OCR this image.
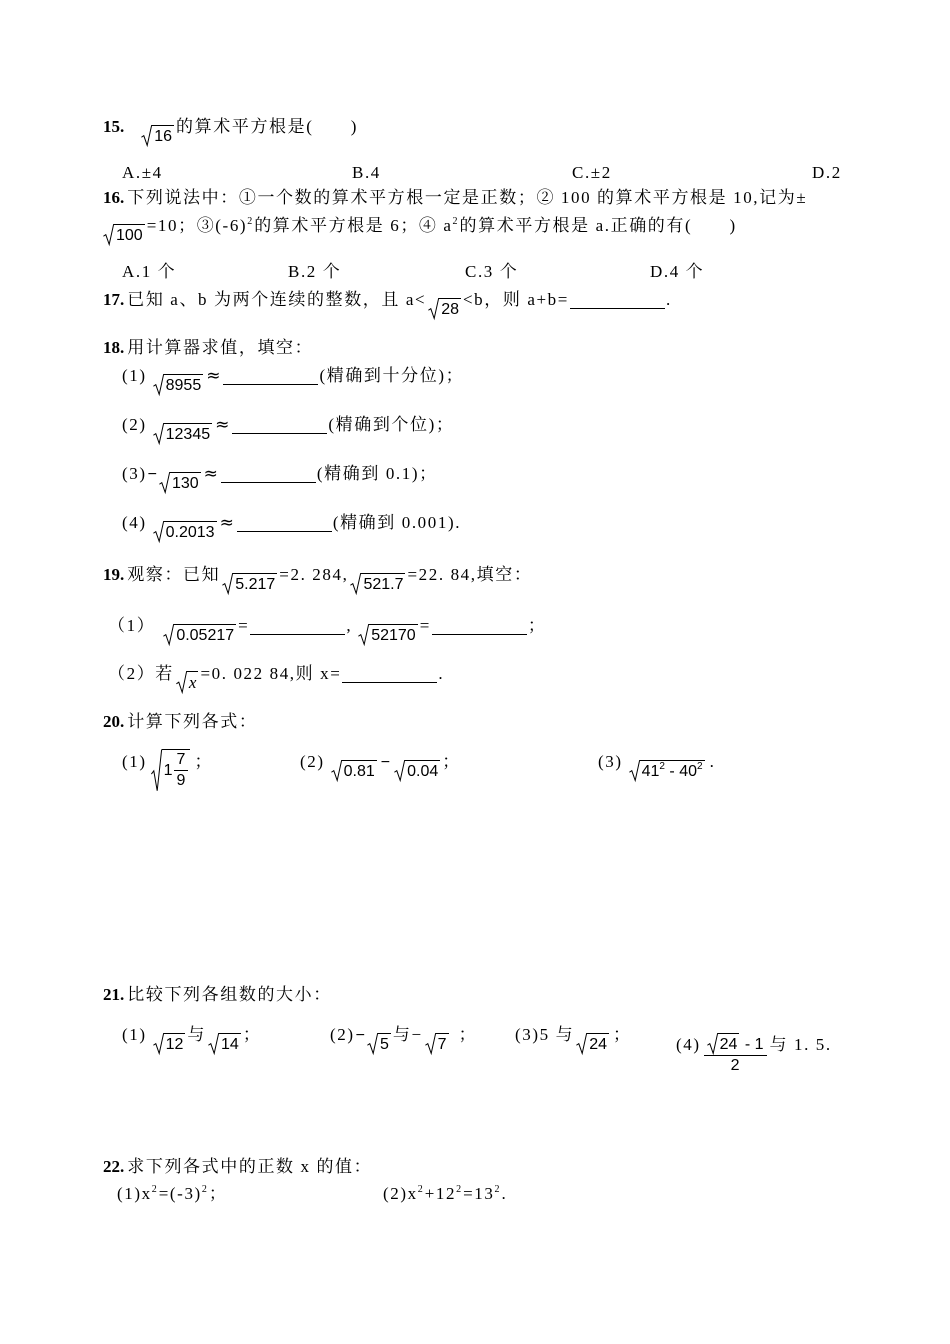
15.
16的算术平方根是(　　)
A.±4	B.4	C.±2	D.2
16. 下列说法中：①一个数的算术平方根一定是正数；② 100 的算术平方根是 10,记为±
100=10；$③(-6)^2$ 的算术平方根是 6；④ $a^2$ 的算术平方根是 a.正确的有(　　)
A.1 个	B.2 个	C.3 个	D.4 个
17. 已知 a、b 为两个连续的整数，且 a<
28<b，则 a+b=	.
18. 用计算器求值，填空：
(1)
8955 ≈	(精确到十分位)；
(2)
12345 ≈	(精确到个位)；
(3)−
130 ≈	(精确到 0.1)；
(4)
0.2013 ≈	(精确到 0.001).
19. 观察：已知
5.217=2. 284,
521.7=22. 84,填空：
（1）
0.05217=	,
52170=	；
（2）若 x =0. 022 84,则 x=	.
20. 计算下列各式：
(1) $1 \frac{7}{9}$ ；	(2)
0.81−
0.04；	(3)
$41^2 - 40^2$ .
21. 比较下列各组数的大小：
(1)
12与
14；	(2)−
5与−
7； (3)5 与
24；
$(4) \frac{24 - 1}{2}$ 与 1. 5.
22. 求下列各式中的正数 x 的值：
$(1)x^2 =(-3)^2$ ；	$(2)x^2 +12^2 =13^2$ .
